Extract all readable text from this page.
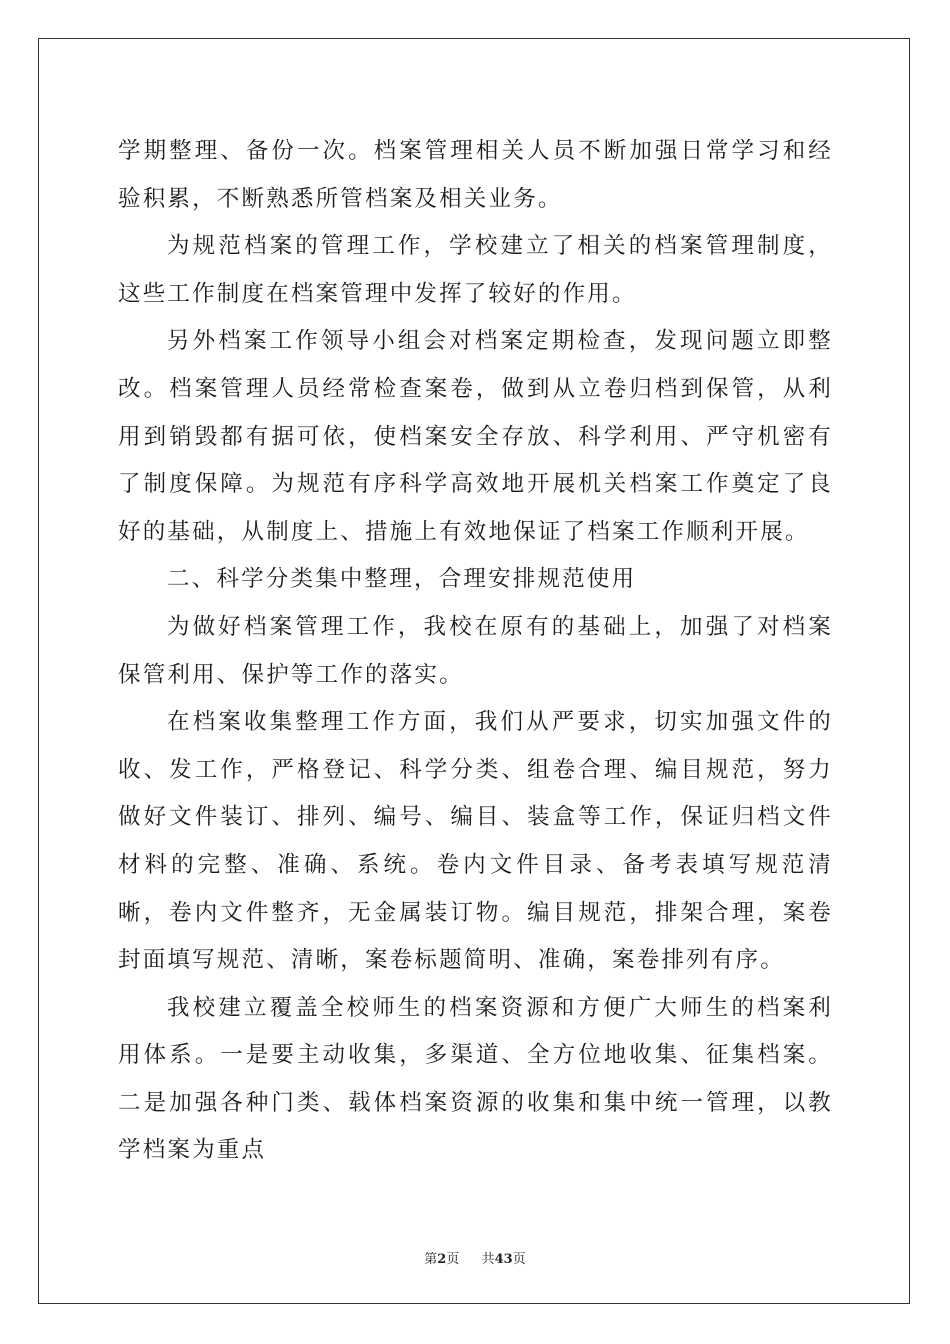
学期整理、备份一次。档案管理相关人员不断加强日常学习和经验积累，不断熟悉所管档案及相关业务。

为规范档案的管理工作，学校建立了相关的档案管理制度，这些工作制度在档案管理中发挥了较好的作用。

另外档案工作领导小组会对档案定期检查，发现问题立即整改。档案管理人员经常检查案卷，做到从立卷归档到保管，从利用到销毁都有据可依，使档案安全存放、科学利用、严守机密有了制度保障。为规范有序科学高效地开展机关档案工作奠定了良好的基础，从制度上、措施上有效地保证了档案工作顺利开展。

二、科学分类集中整理，合理安排规范使用

为做好档案管理工作，我校在原有的基础上，加强了对档案保管利用、保护等工作的落实。

在档案收集整理工作方面，我们从严要求，切实加强文件的收、发工作，严格登记、科学分类、组卷合理、编目规范，努力做好文件装订、排列、编号、编目、装盒等工作，保证归档文件材料的完整、准确、系统。卷内文件目录、备考表填写规范清晰，卷内文件整齐，无金属装订物。编目规范，排架合理，案卷封面填写规范、清晰，案卷标题简明、准确，案卷排列有序。

我校建立覆盖全校师生的档案资源和方便广大师生的档案利用体系。一是要主动收集，多渠道、全方位地收集、征集档案。二是加强各种门类、载体档案资源的收集和集中统一管理，以教学档案为重点

第2页 共43页
